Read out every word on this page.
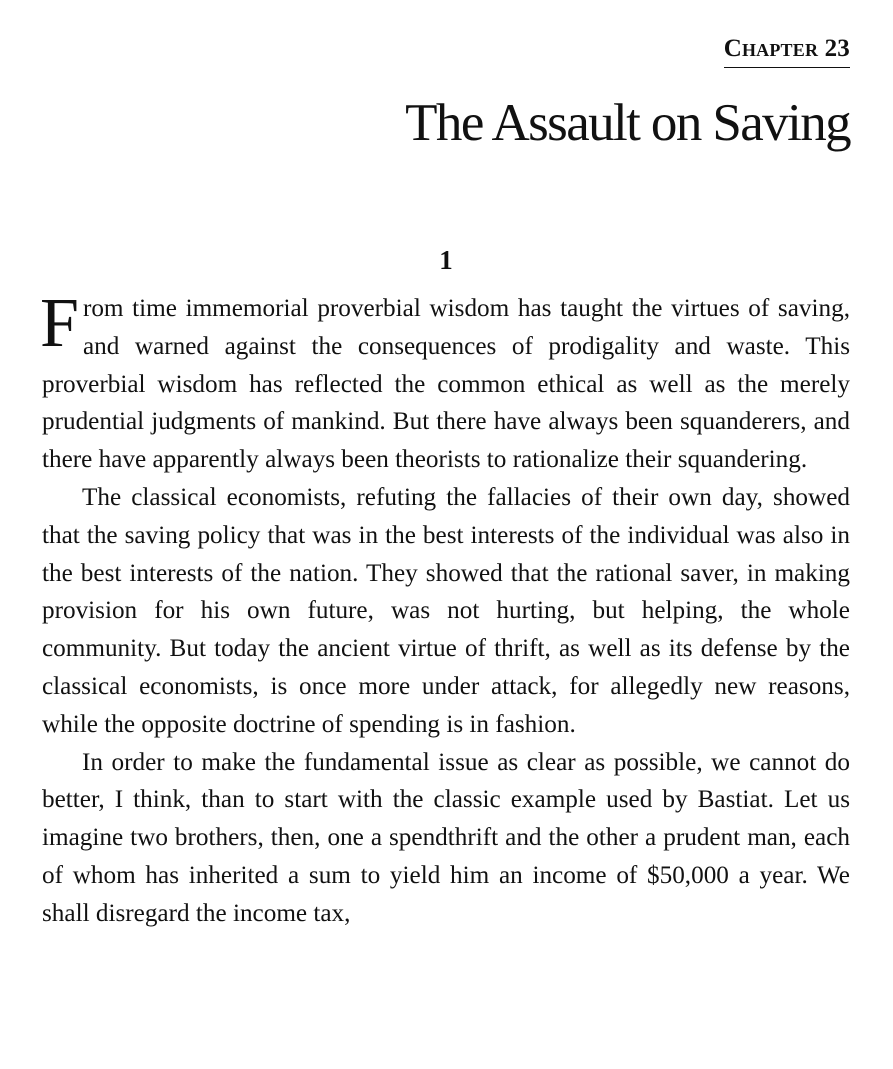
Chapter 23
The Assault on Saving
1

From time immemorial proverbial wisdom has taught the virtues of saving, and warned against the consequences of prodigality and waste. This proverbial wisdom has reflected the common ethical as well as the merely prudential judgments of mankind. But there have always been squanderers, and there have apparently always been theorists to rationalize their squandering.

The classical economists, refuting the fallacies of their own day, showed that the saving policy that was in the best interests of the individual was also in the best interests of the nation. They showed that the rational saver, in making provision for his own future, was not hurting, but helping, the whole community. But today the ancient virtue of thrift, as well as its defense by the classical economists, is once more under attack, for allegedly new reasons, while the opposite doctrine of spending is in fashion.

In order to make the fundamental issue as clear as possible, we cannot do better, I think, than to start with the classic example used by Bastiat. Let us imagine two brothers, then, one a spendthrift and the other a prudent man, each of whom has inherited a sum to yield him an income of $50,000 a year. We shall disregard the income tax,
